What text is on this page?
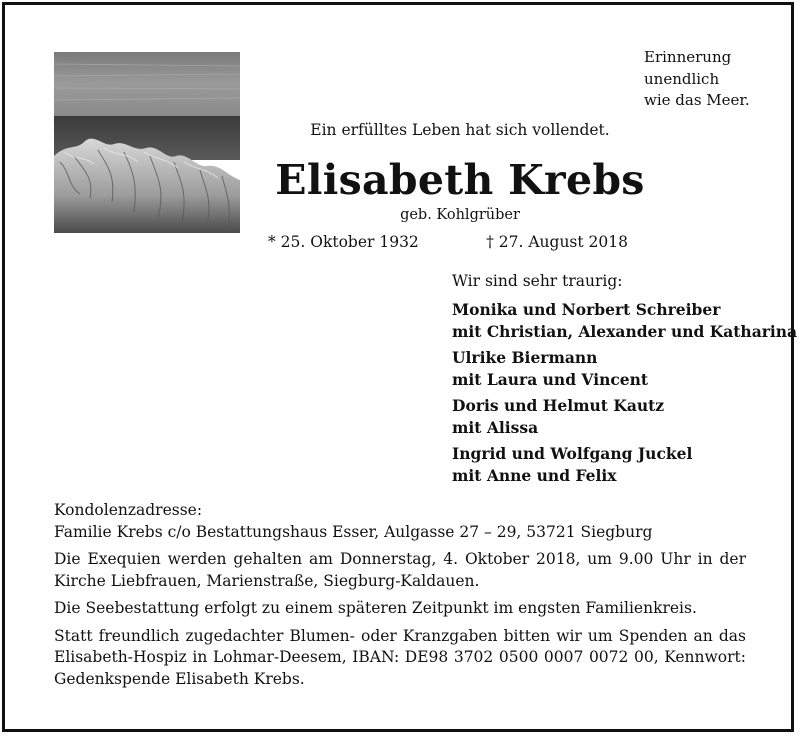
Erinnerung
unendlich
wie das Meer.
Ein erfülltes Leben hat sich vollendet.
Elisabeth Krebs
geb. Kohlgrüber
* 25. Oktober 1932	† 27. August 2018
Wir sind sehr traurig:
Monika und Norbert Schreiber
mit Christian, Alexander und Katharina
Ulrike Biermann
mit Laura und Vincent
Doris und Helmut Kautz
mit Alissa
Ingrid und Wolfgang Juckel
mit Anne und Felix

Kondolenzadresse:
Familie Krebs c/o Bestattungshaus Esser, Aulgasse 27 – 29, 53721 Siegburg

Die Exequien werden gehalten am Donnerstag, 4. Oktober 2018, um 9.00 Uhr in der Kirche Liebfrauen, Marienstraße, Siegburg-Kaldauen.

Die Seebestattung erfolgt zu einem späteren Zeitpunkt im engsten Familienkreis.

Statt freundlich zugedachter Blumen- oder Kranzgaben bitten wir um Spenden an das Elisabeth-Hospiz in Lohmar-Deesem, IBAN: DE98 3702 0500 0007 0072 00, Kennwort: Gedenkspende Elisabeth Krebs.
